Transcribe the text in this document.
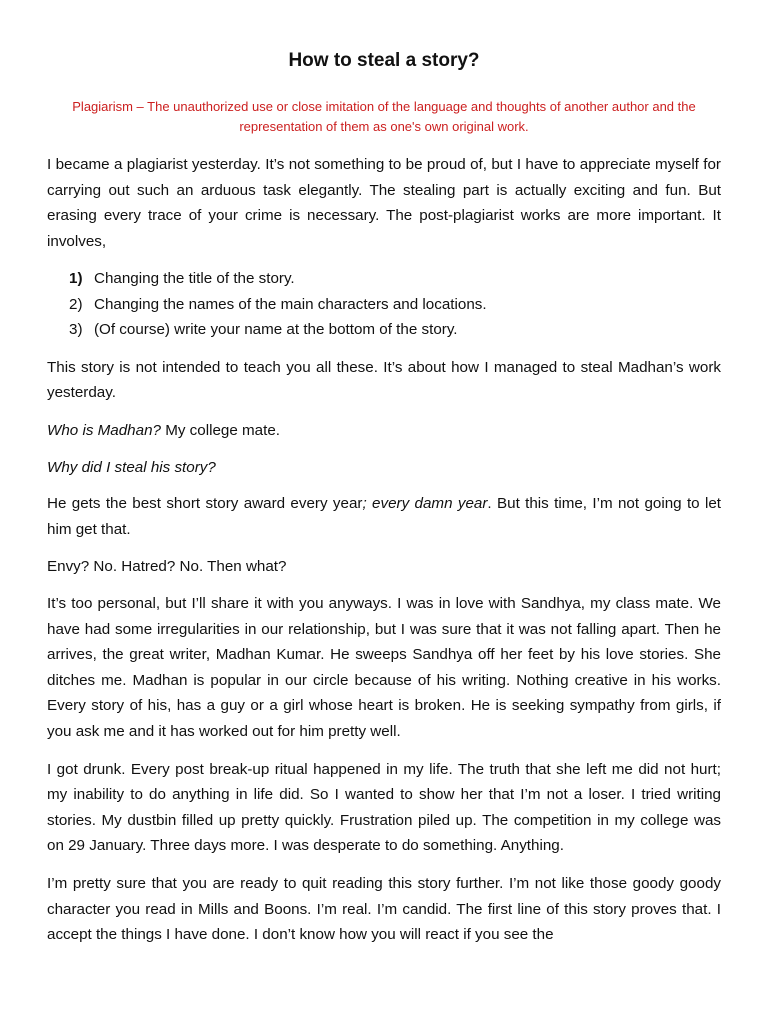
How to steal a story?

Plagiarism – The unauthorized use or close imitation of the language and thoughts of another author and the representation of them as one's own original work.

I became a plagiarist yesterday. It’s not something to be proud of, but I have to appreciate myself for carrying out such an arduous task elegantly. The stealing part is actually exciting and fun. But erasing every trace of your crime is necessary. The post-plagiarist works are more important. It involves,

1) Changing the title of the story.
2) Changing the names of the main characters and locations.
3) (Of course) write your name at the bottom of the story.

This story is not intended to teach you all these. It’s about how I managed to steal Madhan’s work yesterday.

Who is Madhan? My college mate.

Why did I steal his story?

He gets the best short story award every year; every damn year. But this time, I’m not going to let him get that.

Envy? No. Hatred? No. Then what?

It’s too personal, but I’ll share it with you anyways. I was in love with Sandhya, my class mate. We have had some irregularities in our relationship, but I was sure that it was not falling apart. Then he arrives, the great writer, Madhan Kumar. He sweeps Sandhya off her feet by his love stories. She ditches me. Madhan is popular in our circle because of his writing. Nothing creative in his works. Every story of his, has a guy or a girl whose heart is broken. He is seeking sympathy from girls, if you ask me and it has worked out for him pretty well.

I got drunk. Every post break-up ritual happened in my life. The truth that she left me did not hurt; my inability to do anything in life did. So I wanted to show her that I’m not a loser. I tried writing stories. My dustbin filled up pretty quickly. Frustration piled up. The competition in my college was on 29 January. Three days more. I was desperate to do something. Anything.

I’m pretty sure that you are ready to quit reading this story further. I’m not like those goody goody character you read in Mills and Boons. I’m real. I’m candid. The first line of this story proves that. I accept the things I have done. I don’t know how you will react if you see the
